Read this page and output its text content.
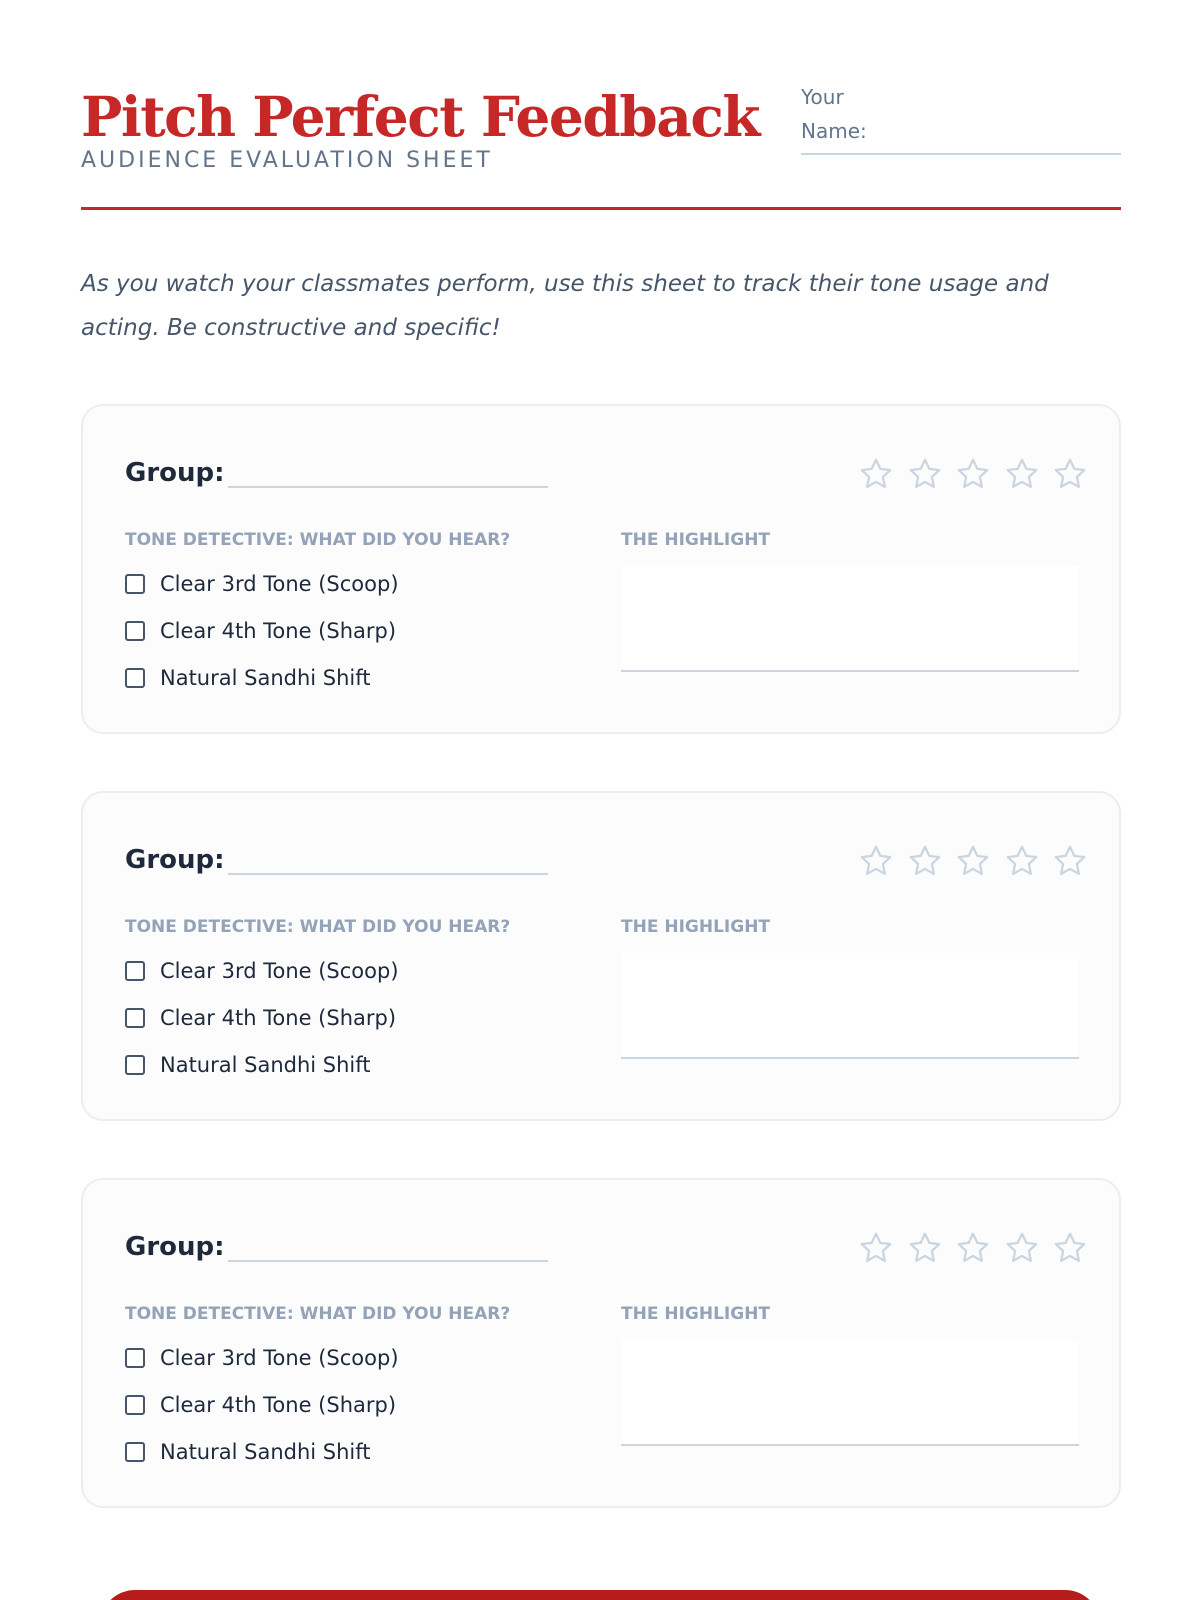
Pitch Perfect Feedback
AUDIENCE EVALUATION SHEET
Your Name:

As you watch your classmates perform, use this sheet to track their tone usage and acting. Be constructive and specific!

Group:
TONE DETECTIVE: WHAT DID YOU HEAR?	THE HIGHLIGHT
Clear 3rd Tone (Scoop)
Clear 4th Tone (Sharp)
Natural Sandhi Shift
Group:
TONE DETECTIVE: WHAT DID YOU HEAR?	THE HIGHLIGHT
Clear 3rd Tone (Scoop)
Clear 4th Tone (Sharp)
Natural Sandhi Shift
Group:
TONE DETECTIVE: WHAT DID YOU HEAR?	THE HIGHLIGHT
Clear 3rd Tone (Scoop)
Clear 4th Tone (Sharp)
Natural Sandhi Shift
